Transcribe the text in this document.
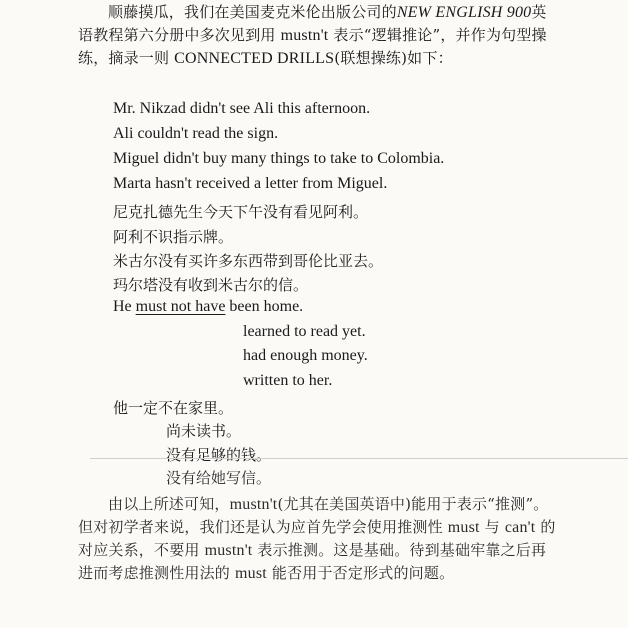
顺藤摸瓜，我们在美国麦克米伦出版公司的NEW ENGLISH 900英语教程第六分册中多次见到用 mustn't 表示“逻辑推论”，并作为句型操练，摘录一则 CONNECTED DRILLS(联想操练)如下：

Mr. Nikzad didn't see Ali this afternoon.
Ali couldn't read the sign.
Miguel didn't buy many things to take to Colombia.
Marta hasn't received a letter from Miguel.
尼克扎德先生今天下午没有看见阿利。
阿利不识指示牌。
米古尔没有买许多东西带到哥伦比亚去。
玛尔塔没有收到米古尔的信。
He must not have been home.
learned to read yet.
had enough money.
written to her.
他一定不在家里。
尚未读书。
没有足够的钱。
没有给她写信。

由以上所述可知，mustn't(尤其在美国英语中)能用于表示“推测”。但对初学者来说，我们还是认为应首先学会使用推测性 must 与 can't 的对应关系，不要用 mustn't 表示推测。这是基础。待到基础牢靠之后再进而考虑推测性用法的 must 能否用于否定形式的问题。
